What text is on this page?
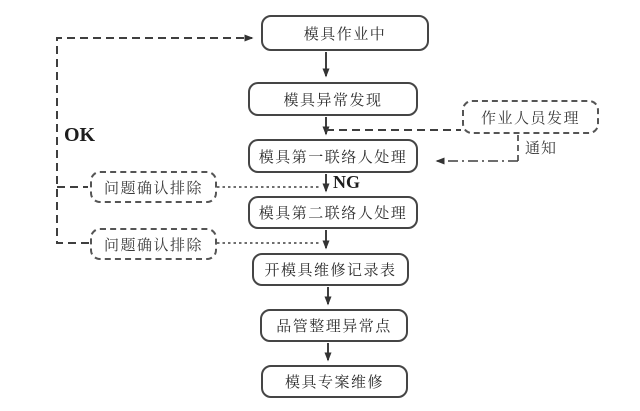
模具作业中
模具异常发现
模具第一联络人处理
模具第二联络人处理
开模具维修记录表
品管整理异常点
模具专案维修
作业人员发理
问题确认排除
问题确认排除
OK
NG
通知
